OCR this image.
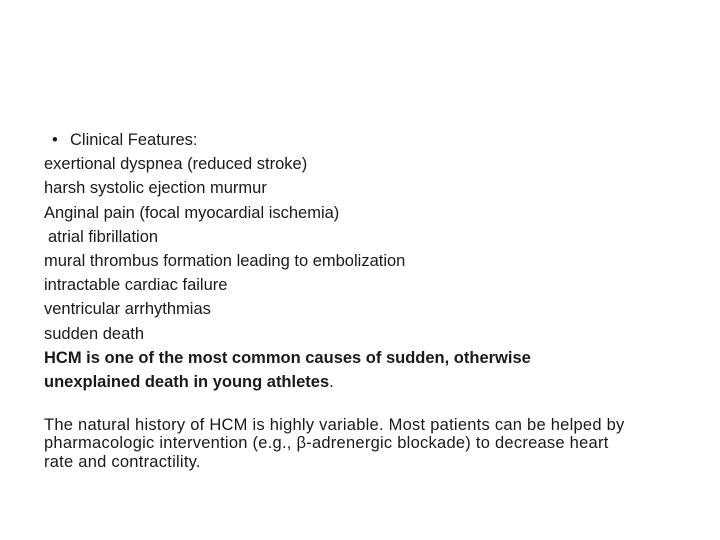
• Clinical Features:
exertional dyspnea (reduced stroke)
harsh systolic ejection murmur
Anginal pain (focal myocardial ischemia)
atrial fibrillation
mural thrombus formation leading to embolization
intractable cardiac failure
ventricular arrhythmias
sudden death
HCM is one of the most common causes of sudden, otherwise
unexplained death in young athletes.
The natural history of HCM is highly variable. Most patients can be helped by
pharmacologic intervention (e.g., β-adrenergic blockade) to decrease heart
rate and contractility.
